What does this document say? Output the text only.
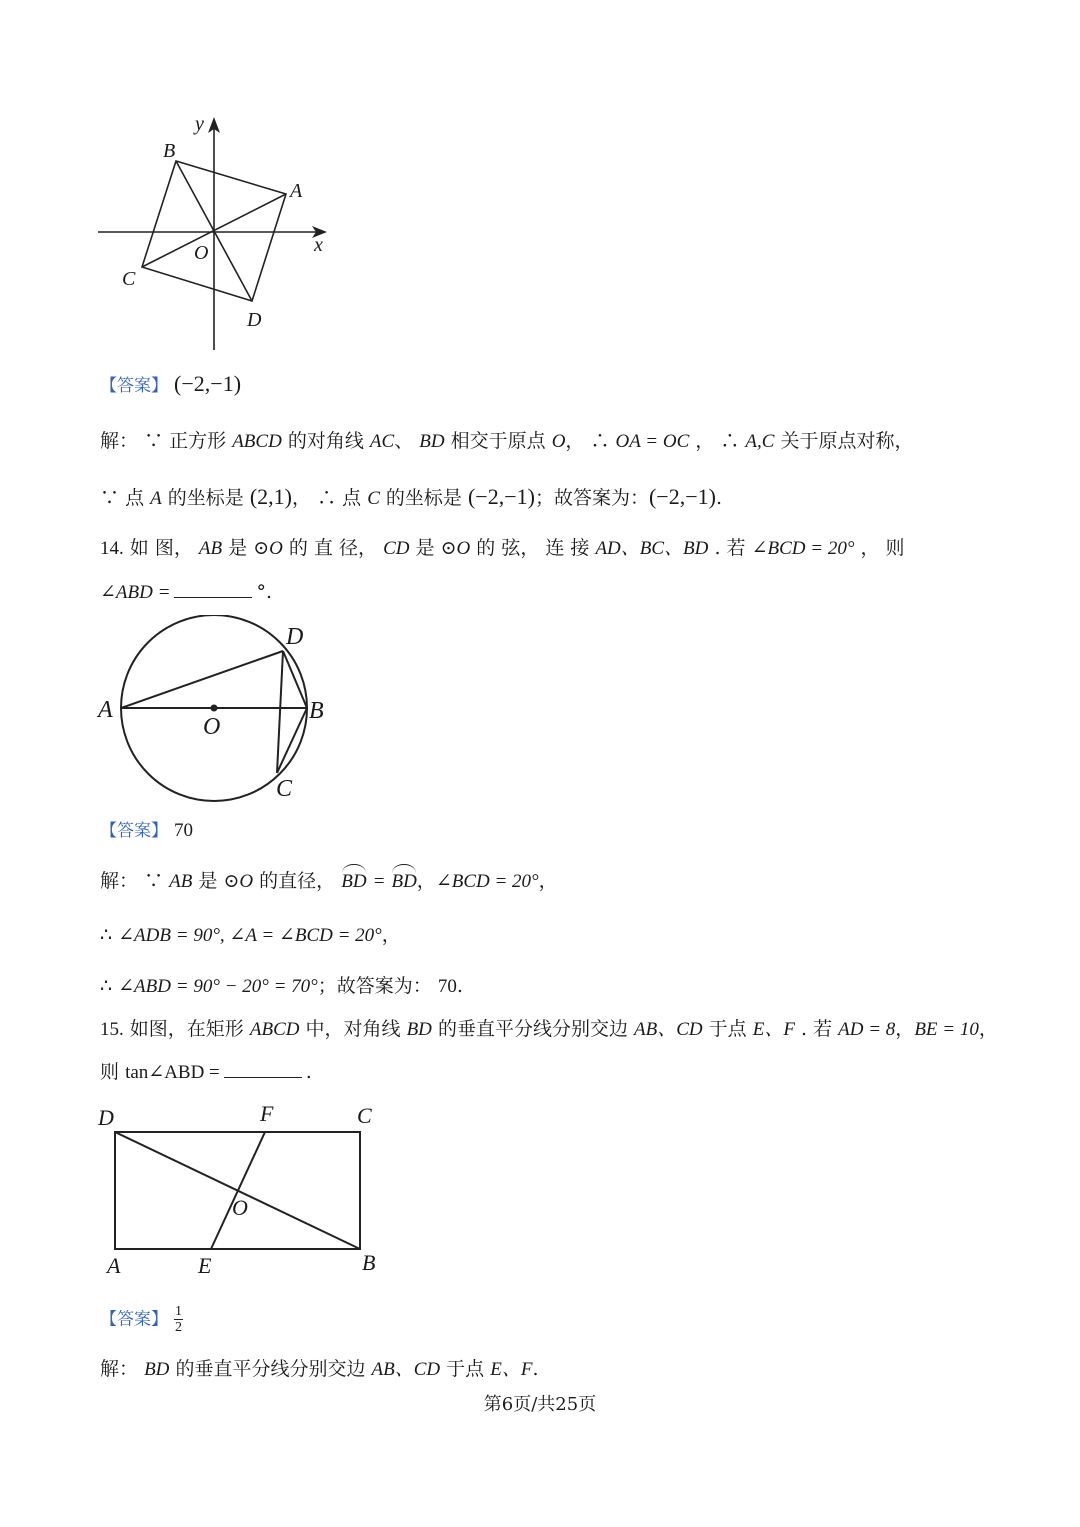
y
x
B
A
O
C
D
【答案】 (−2,−1)
解： ∵ 正方形 ABCD 的对角线 AC、 BD 相交于原点 O， ∴ OA = OC ， ∴ A,C 关于原点对称，
∵ 点 A 的坐标是 (2,1)， ∴ 点 C 的坐标是 (−2,−1)；故答案为：(−2,−1).
14. 如 图， AB 是 ⊙O 的 直 径， CD 是 ⊙O 的 弦， 连 接 AD、BC、BD . 若 ∠BCD = 20° ， 则
∠ABD =	°.
A	B
D
C
O
【答案】 70
解： ∵ AB 是 ⊙O 的直径， BD = BD，∠BCD = 20°，
∴ ∠ADB = 90°, ∠A = ∠BCD = 20°，
∴ ∠ABD = 90° − 20° = 70°；故答案为： 70.
15. 如图，在矩形 ABCD 中，对角线 BD 的垂直平分线分别交边 AB、CD 于点 E、F . 若 AD = 8，BE = 10，
则 tan∠ABD =	.
D	F	C
O
A	E	B
【答案】 $\frac{1}{2}$
解： BD 的垂直平分线分别交边 AB、CD 于点 E、F.
第6页/共25页
